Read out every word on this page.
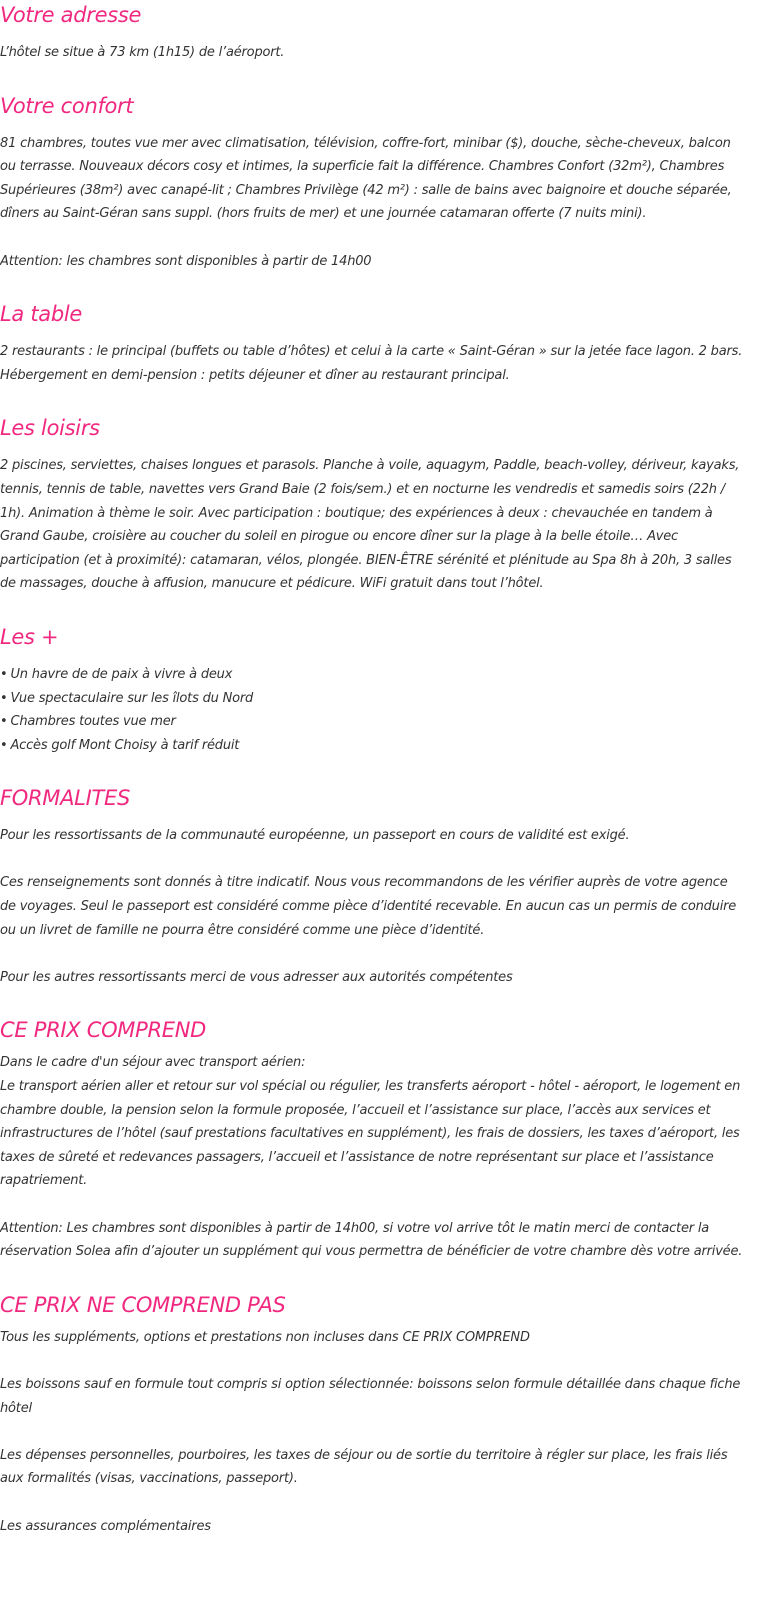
Votre adresse

L’hôtel se situe à 73 km (1h15) de l’aéroport.

Votre confort

81 chambres, toutes vue mer avec climatisation, télévision, coffre-fort, minibar ($), douche, sèche-cheveux, balcon ou terrasse. Nouveaux décors cosy et intimes, la superficie fait la différence. Chambres Confort (32m²), Chambres Supérieures (38m²) avec canapé-lit ; Chambres Privilège (42 m²) : salle de bains avec baignoire et douche séparée, dîners au Saint-Géran sans suppl. (hors fruits de mer) et une journée catamaran offerte (7 nuits mini).

Attention: les chambres sont disponibles à partir de 14h00

La table

2 restaurants : le principal (buffets ou table d’hôtes) et celui à la carte « Saint-Géran » sur la jetée face lagon. 2 bars. Hébergement en demi-pension : petits déjeuner et dîner au restaurant principal.

Les loisirs

2 piscines, serviettes, chaises longues et parasols. Planche à voile, aquagym, Paddle, beach-volley, dériveur, kayaks, tennis, tennis de table, navettes vers Grand Baie (2 fois/sem.) et en nocturne les vendredis et samedis soirs (22h / 1h). Animation à thème le soir. Avec participation : boutique; des expériences à deux : chevauchée en tandem à Grand Gaube, croisière au coucher du soleil en pirogue ou encore dîner sur la plage à la belle étoile… Avec participation (et à proximité): catamaran, vélos, plongée. BIEN-ÊTRE sérénité et plénitude au Spa 8h à 20h, 3 salles de massages, douche à affusion, manucure et pédicure. WiFi gratuit dans tout l’hôtel.

Les +
• Un havre de de paix à vivre à deux
• Vue spectaculaire sur les îlots du Nord
• Chambres toutes vue mer
• Accès golf Mont Choisy à tarif réduit
FORMALITES

Pour les ressortissants de la communauté européenne, un passeport en cours de validité est exigé.

Ces renseignements sont donnés à titre indicatif. Nous vous recommandons de les vérifier auprès de votre agence de voyages. Seul le passeport est considéré comme pièce d’identité recevable. En aucun cas un permis de conduire ou un livret de famille ne pourra être considéré comme une pièce d’identité.

Pour les autres ressortissants merci de vous adresser aux autorités compétentes

CE PRIX COMPREND

Dans le cadre d'un séjour avec transport aérien:

Le transport aérien aller et retour sur vol spécial ou régulier, les transferts aéroport - hôtel - aéroport, le logement en chambre double, la pension selon la formule proposée, l’accueil et l’assistance sur place, l’accès aux services et infrastructures de l’hôtel (sauf prestations facultatives en supplément), les frais de dossiers, les taxes d’aéroport, les taxes de sûreté et redevances passagers, l’accueil et l’assistance de notre représentant sur place et l’assistance rapatriement.

Attention: Les chambres sont disponibles à partir de 14h00, si votre vol arrive tôt le matin merci de contacter la réservation Solea afin d’ajouter un supplément qui vous permettra de bénéficier de votre chambre dès votre arrivée.

CE PRIX NE COMPREND PAS

Tous les suppléments, options et prestations non incluses dans CE PRIX COMPREND

Les boissons sauf en formule tout compris si option sélectionnée: boissons selon formule détaillée dans chaque fiche hôtel

Les dépenses personnelles, pourboires, les taxes de séjour ou de sortie du territoire à régler sur place, les frais liés aux formalités (visas, vaccinations, passeport).

Les assurances complémentaires
